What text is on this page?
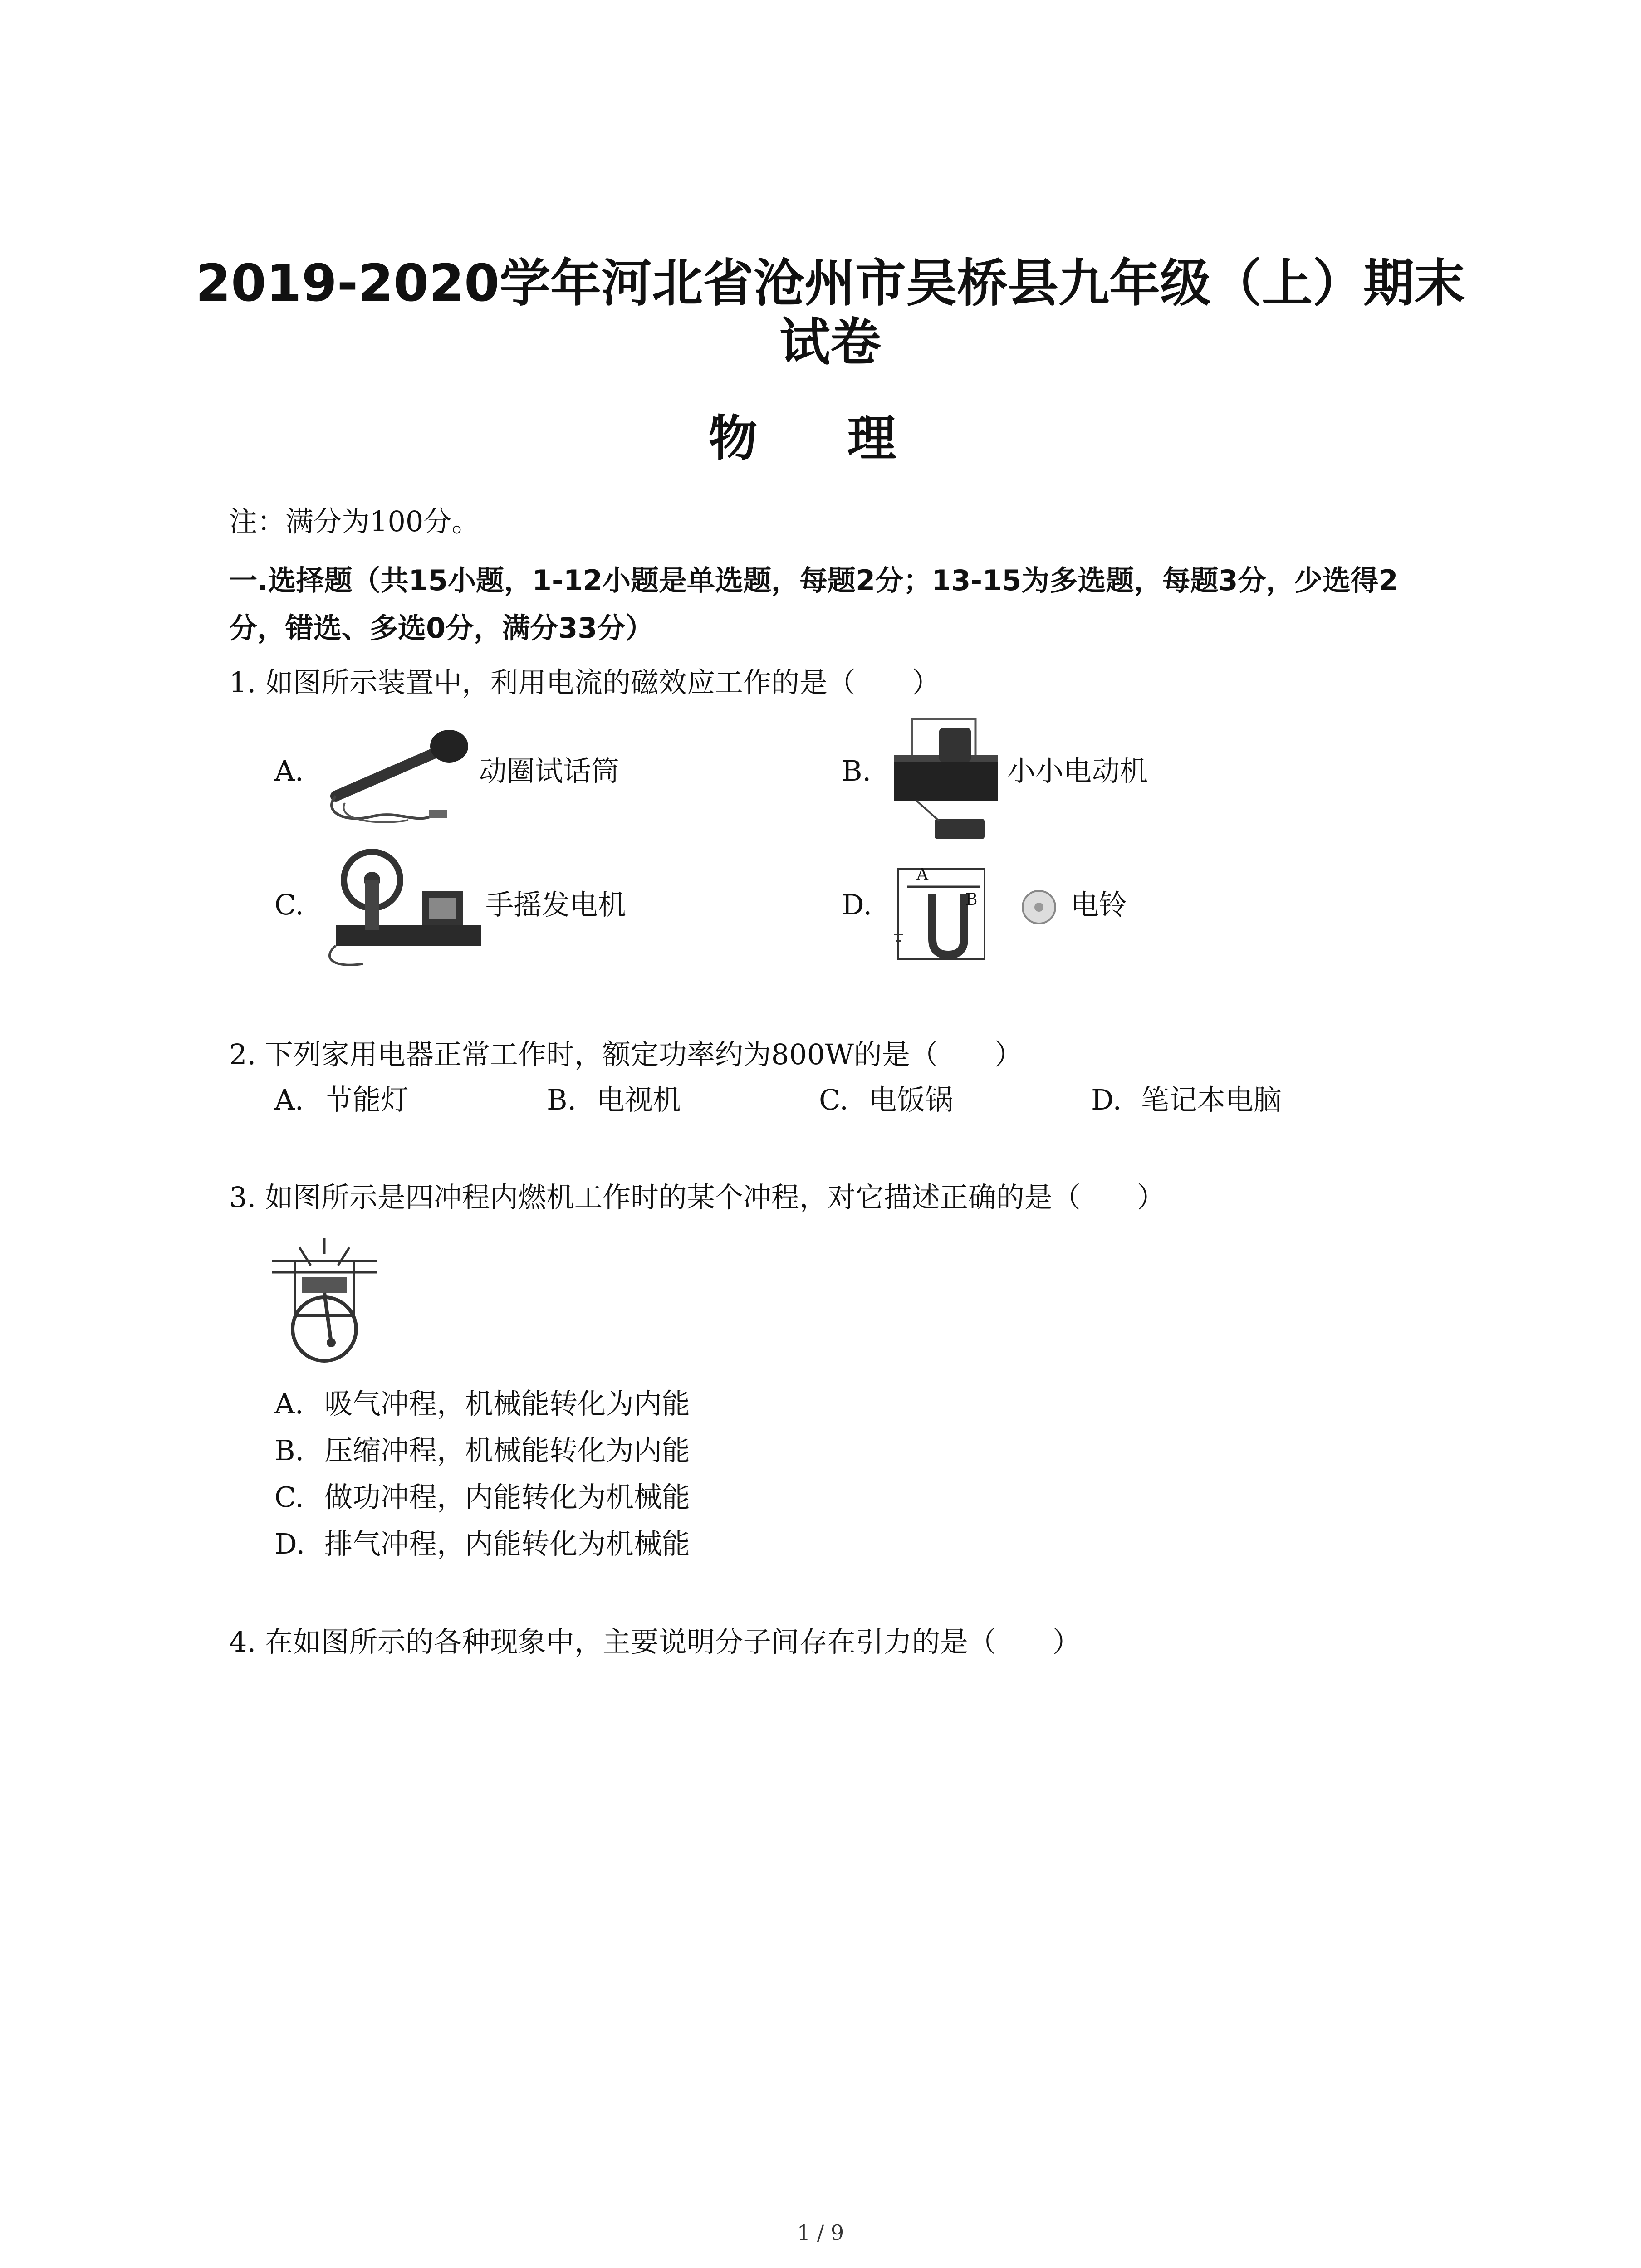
2019-2020学年河北省沧州市吴桥县九年级（上）期末
试卷
物 理
注：满分为100分。
一.选择题（共15小题，1-12小题是单选题，每题2分；13-15为多选题，每题3分，少选得2
分，错选、多选0分，满分33分）
1. 如图所示装置中，利用电流的磁效应工作的是（　　）
A.	动圈试话筒	B.	小小电动机
C.	手摇发电机	D.
A
B	电铃
2. 下列家用电器正常工作时，额定功率约为800W的是（　　）
A. 节能灯	B. 电视机	C. 电饭锅	D. 笔记本电脑
3. 如图所示是四冲程内燃机工作时的某个冲程，对它描述正确的是（　　）
A. 吸气冲程，机械能转化为内能
B. 压缩冲程，机械能转化为内能
C. 做功冲程，内能转化为机械能
D. 排气冲程，内能转化为机械能
4. 在如图所示的各种现象中，主要说明分子间存在引力的是（　　）
1 / 9
